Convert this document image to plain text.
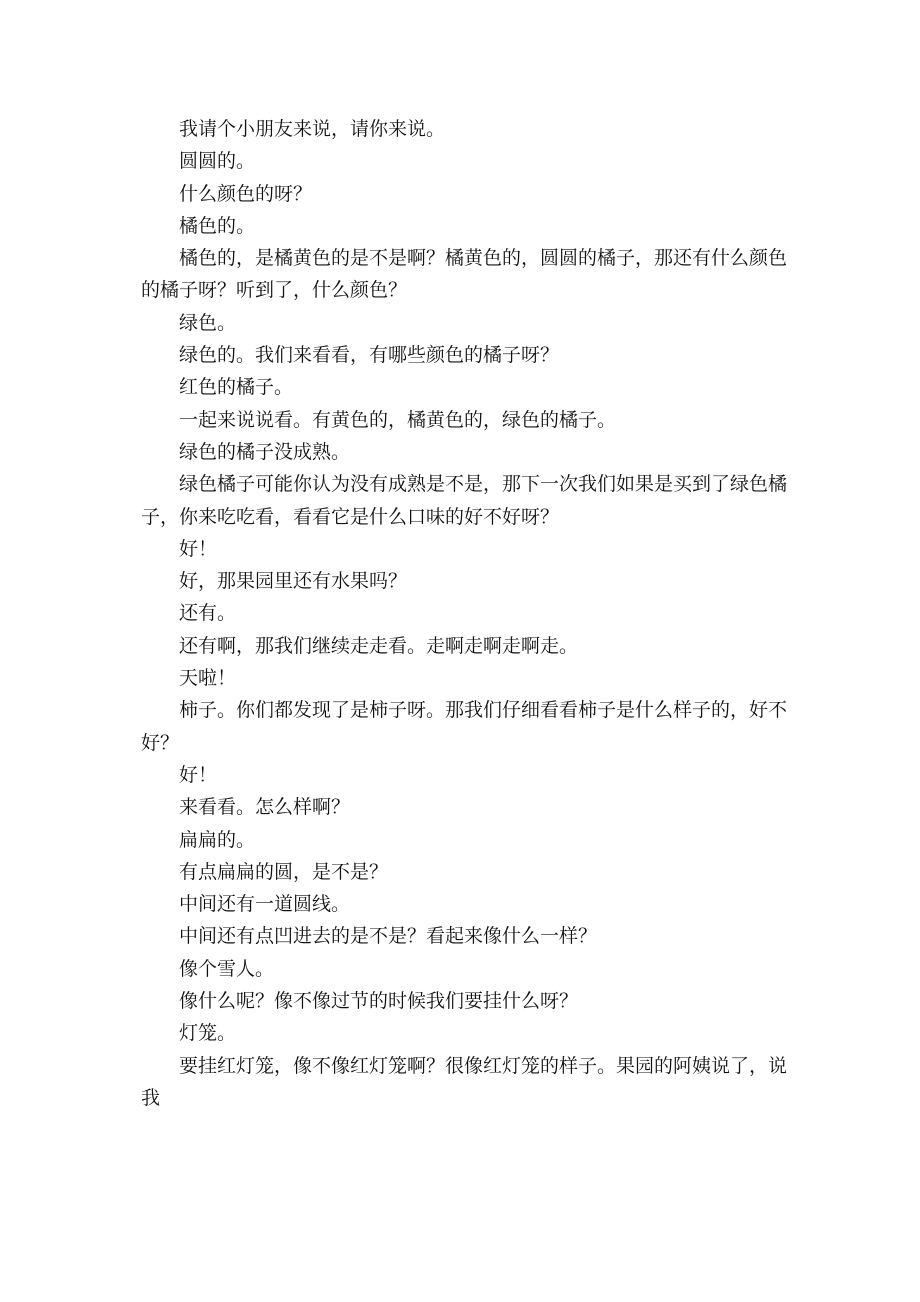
我请个小朋友来说，请你来说。

圆圆的。

什么颜色的呀？

橘色的。

橘色的，是橘黄色的是不是啊？橘黄色的，圆圆的橘子，那还有什么颜色的橘子呀？听到了，什么颜色？

绿色。

绿色的。我们来看看，有哪些颜色的橘子呀？

红色的橘子。

一起来说说看。有黄色的，橘黄色的，绿色的橘子。

绿色的橘子没成熟。

绿色橘子可能你认为没有成熟是不是，那下一次我们如果是买到了绿色橘子，你来吃吃看，看看它是什么口味的好不好呀？

好！

好，那果园里还有水果吗？

还有。

还有啊，那我们继续走走看。走啊走啊走啊走。

天啦！

柿子。你们都发现了是柿子呀。那我们仔细看看柿子是什么样子的，好不好？

好！

来看看。怎么样啊？

扁扁的。

有点扁扁的圆，是不是？

中间还有一道圆线。

中间还有点凹进去的是不是？看起来像什么一样？

像个雪人。

像什么呢？像不像过节的时候我们要挂什么呀？

灯笼。

要挂红灯笼，像不像红灯笼啊？很像红灯笼的样子。果园的阿姨说了，说我
